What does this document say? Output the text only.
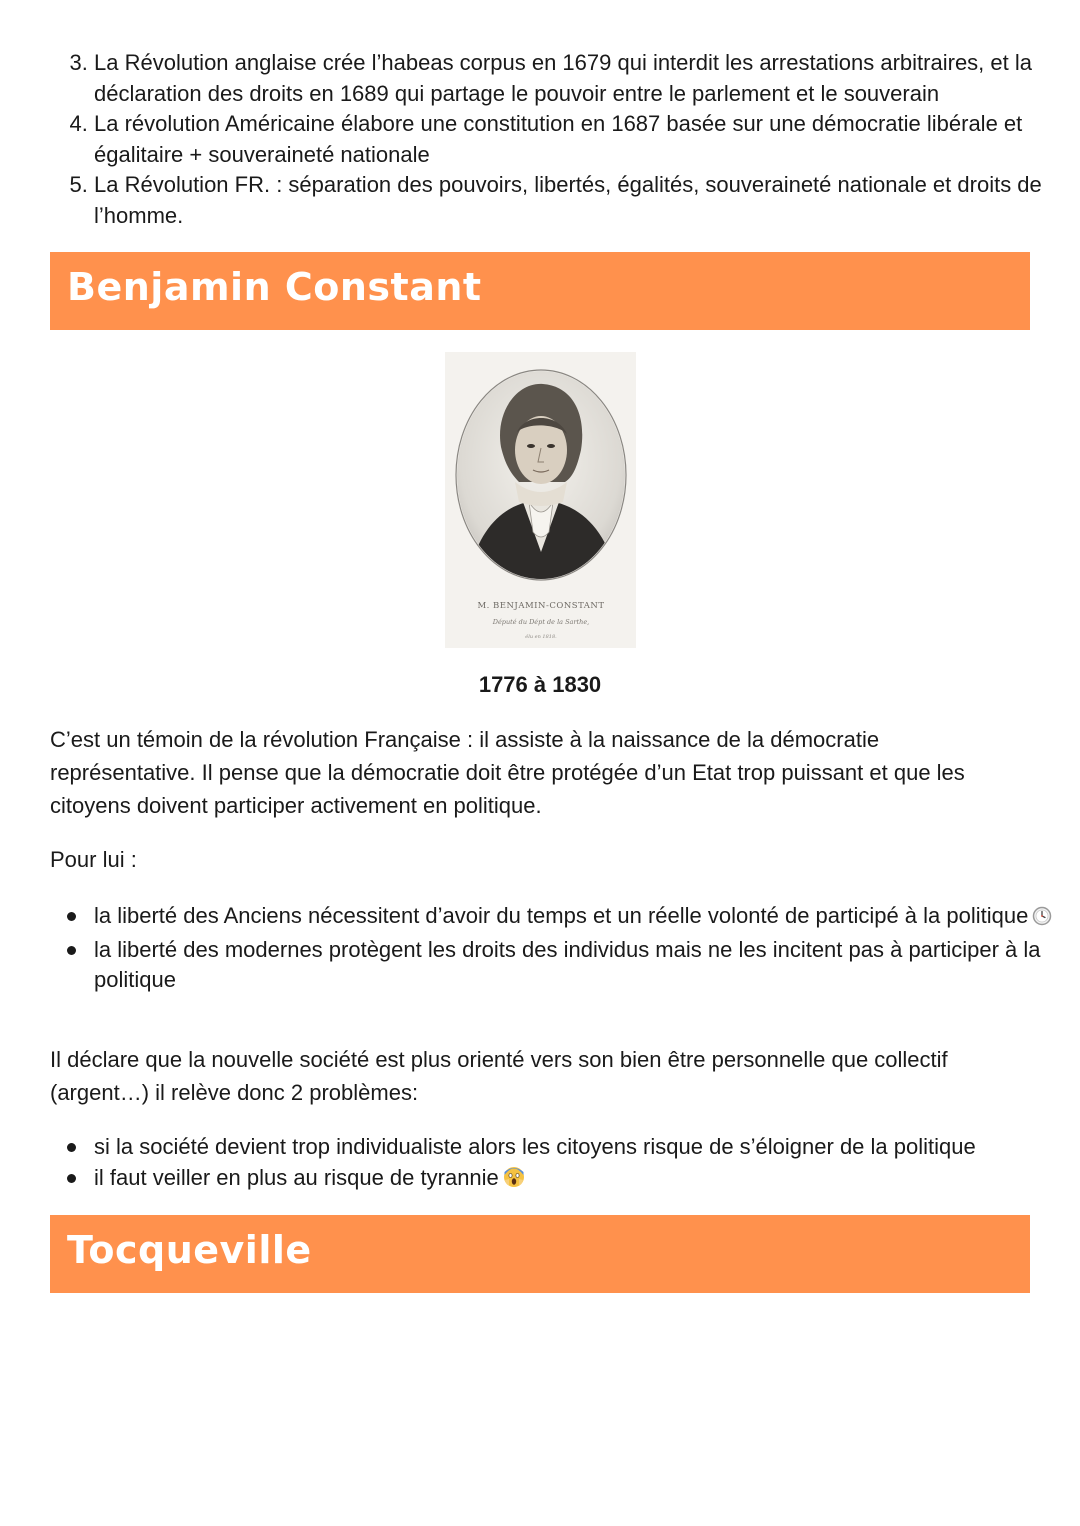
3. La Révolution anglaise crée l’habeas corpus en 1679 qui interdit les arrestations arbitraires, et la déclaration des droits en 1689 qui partage le pouvoir entre le parlement et le souverain
4. La révolution Américaine élabore une constitution en 1687 basée sur une démocratie libérale et égalitaire + souveraineté nationale
5. La Révolution FR. : séparation des pouvoirs, libertés, égalités, souveraineté nationale et droits de l’homme.
Benjamin Constant
M. BENJAMIN-CONSTANT
Député du Dépt de la Sarthe,
élu en 1818.
1776 à 1830

C’est un témoin de la révolution Française : il assiste à la naissance de la démocratie représentative. Il pense que la démocratie doit être protégée d’un Etat trop puissant et que les citoyens doivent participer activement en politique.

Pour lui :

la liberté des Anciens nécessitent d’avoir du temps et un réelle volonté de participé à la politique
la liberté des modernes protègent les droits des individus mais ne les incitent pas à participer à la politique

Il déclare que la nouvelle société est plus orienté vers son bien être personnelle que collectif (argent…) il relève donc 2 problèmes:

si la société devient trop individualiste alors les citoyens risque de s’éloigner de la politique
il faut veiller en plus au risque de tyrannie
Tocqueville
